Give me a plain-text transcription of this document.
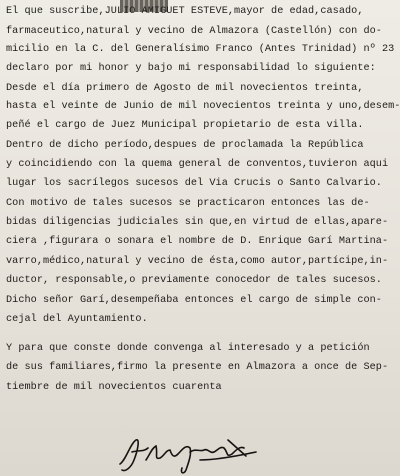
El que suscribe,JULIO AMIGUET ESTEVE,mayor de edad,casado,
farmaceutico,natural y vecino de Almazora (Castellón) con do-
micilio en la C. del Generalísimo Franco (Antes Trinidad) nº 23
declaro por mi honor y bajo mi responsabilidad lo siguiente:
Desde el día primero de Agosto de mil novecientos treinta,
hasta el veinte de Junio de mil novecientos treinta y uno,desem-
peñé el cargo de Juez Municipal propietario de esta villa.
Dentro de dicho período,despues de proclamada la República
y coincidiendo con la quema general de conventos,tuvieron aqui
lugar los sacrílegos sucesos del Via Crucis o Santo Calvario.
Con motivo de tales sucesos se practicaron entonces las de-
bidas diligencias judiciales sin que,en virtud de ellas,apare-
ciera ,figurara o sonara el nombre de D. Enrique Garí Martina-
varro,médico,natural y vecino de ésta,como autor,partícipe,in-
ductor, responsable,o previamente conocedor de tales sucesos.
Dicho señor Garí,desempeñaba entonces el cargo de simple con-
cejal del Ayuntamiento.
Y para que conste donde convenga al interesado y a petición
de sus familiares,firmo la presente en Almazora a once de Sep-
tiembre de mil novecientos cuarenta
